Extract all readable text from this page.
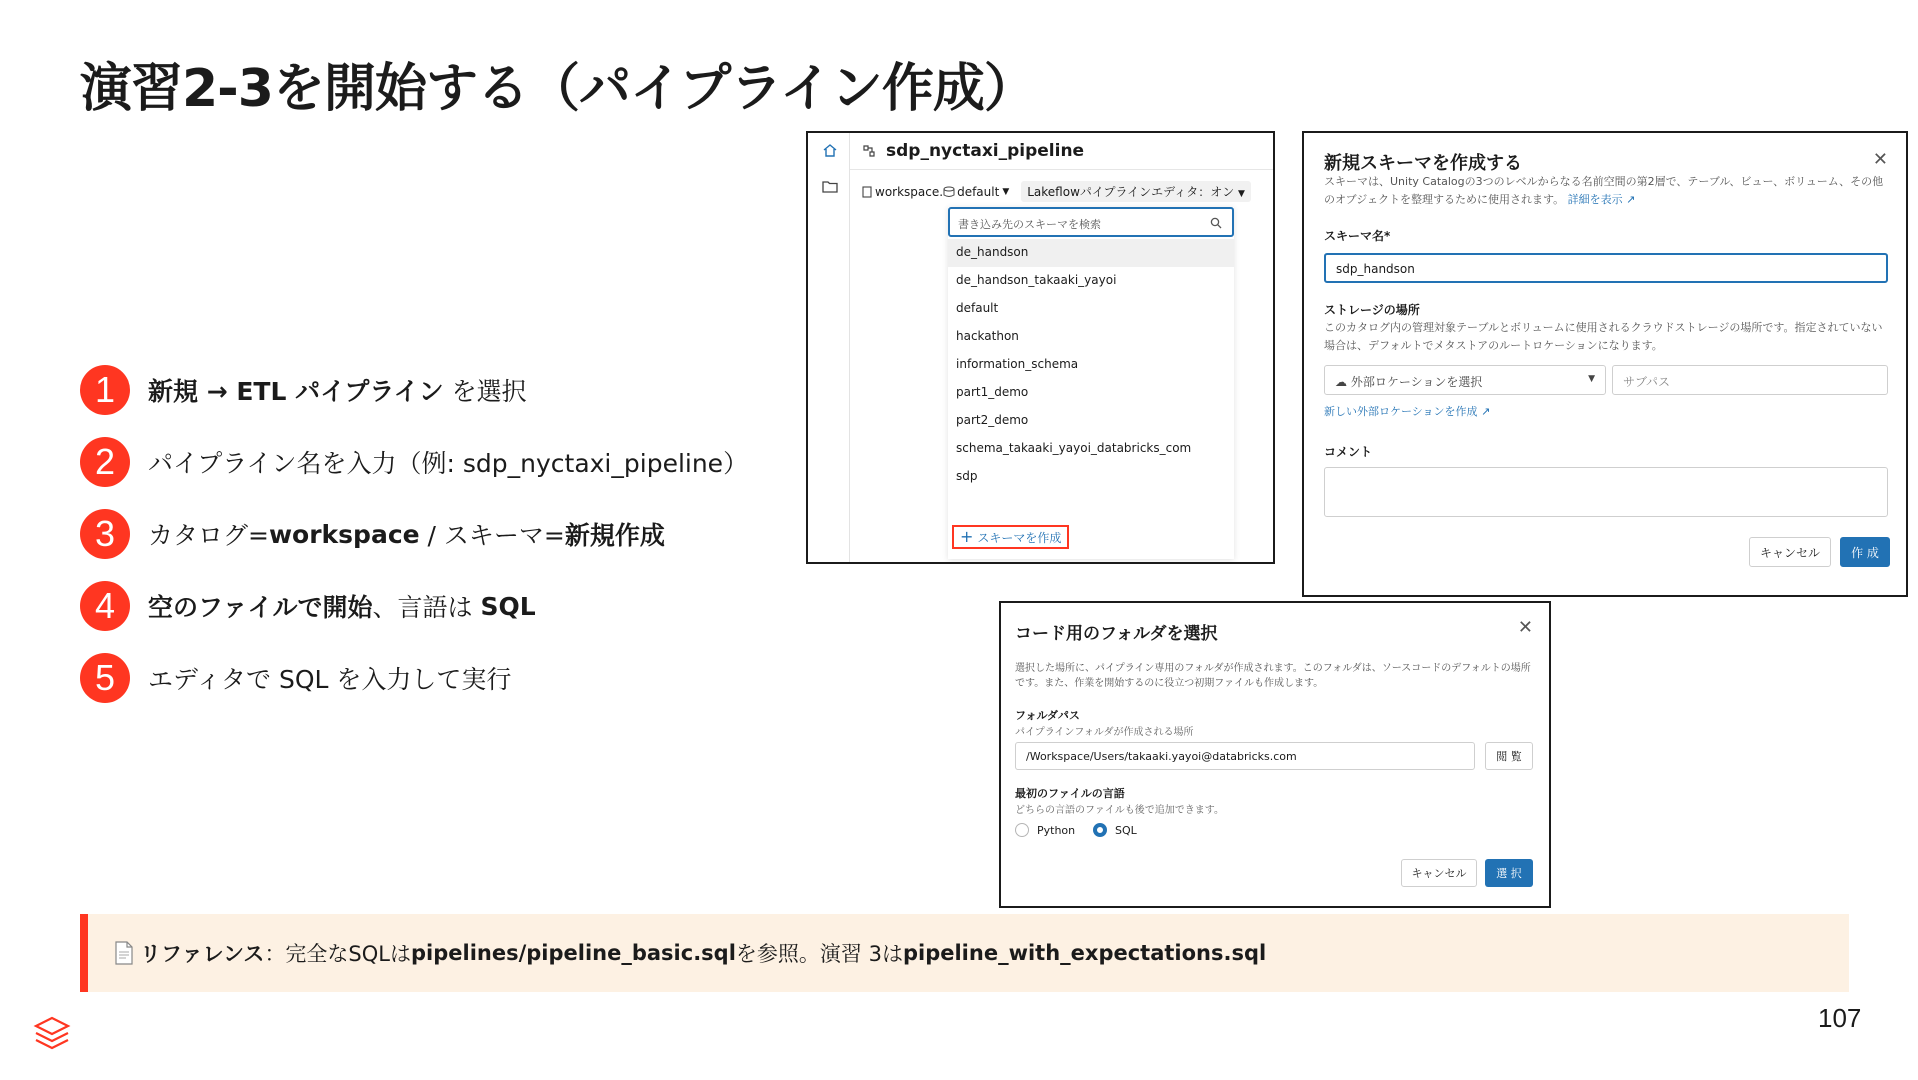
演習2-3を開始する（パイプライン作成）
1	新規 → ETL パイプライン を選択
2	パイプライン名を入力（例: sdp_nyctaxi_pipeline）
3	カタログ= workspace / スキーマ= 新規作成
4	空のファイルで開始 、言語は SQL
5	エディタで SQL を入力して実行
sdp_nyctaxi_pipeline
workspace . default ▼	Lakeflowパイプラインエディタ：オン ▼
書き込み先のスキーマを検索
de_handson
de_handson_takaaki_yayoi
default
hackathon
information_schema
part1_demo
part2_demo
schema_takaaki_yayoi_databricks_com
sdp
+ スキーマを作成
新規スキーマを作成する	✕
スキーマは、Unity Catalogの3つのレベルからなる名前空間の第2層で、テーブル、ビュー、ボリューム、その他のオブジェクトを整理するために使用されます。 詳細を表示 ↗
スキーマ名*
sdp_handson
ストレージの場所
このカタログ内の管理対象テーブルとボリュームに使用されるクラウドストレージの場所です。指定されていない場合は、デフォルトでメタストアのルートロケーションになります。
☁ 外部ロケーションを選択	▼	サブパス
新しい外部ロケーションを作成 ↗
コメント
キャンセル	作 成
コード用のフォルダを選択	✕
選択した場所に、パイプライン専用のフォルダが作成されます。このフォルダは、ソースコードのデフォルトの場所です。また、作業を開始するのに役立つ初期ファイルも作成します。
フォルダパス
パイプラインフォルダが作成される場所
/Workspace/Users/takaaki.yayoi@databricks.com	閲 覧
最初のファイルの言語
どちらの言語のファイルも後で追加できます。
Python	SQL
キャンセル	選 択
リファレンス ：完全なSQLは pipelines/pipeline_basic.sql を参照。演習 3は pipeline_with_expectations.sql
107
